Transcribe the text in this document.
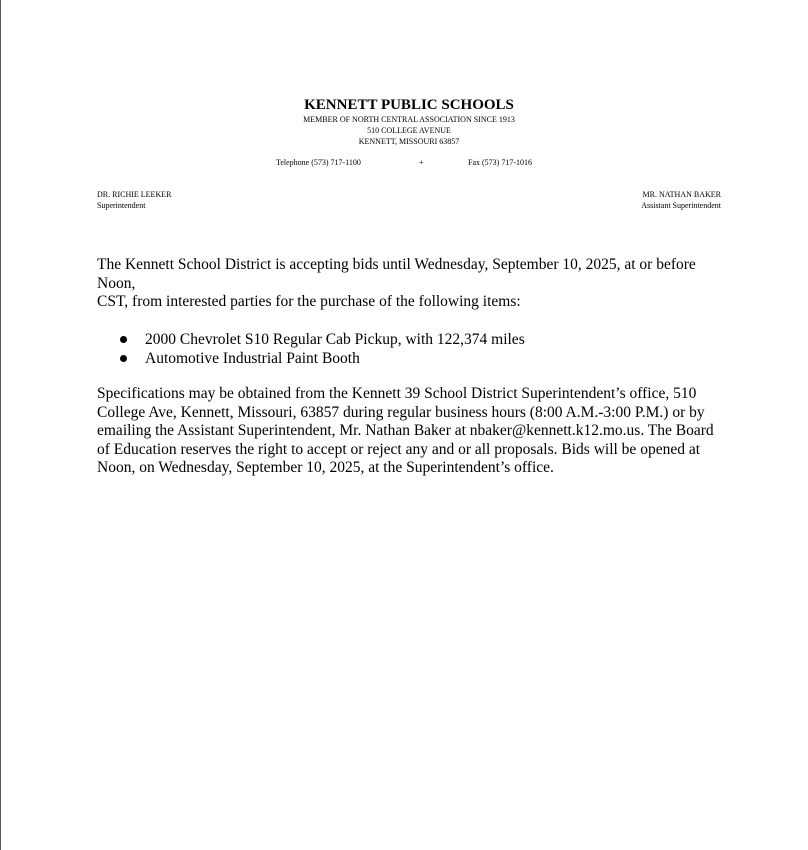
KENNETT PUBLIC SCHOOLS
MEMBER OF NORTH CENTRAL ASSOCIATION SINCE 1913
510 COLLEGE AVENUE
KENNETT, MISSOURI 63857
Telephone (573) 717-1100	+	Fax (573) 717-1016
DR. RICHIE LEEKER
Superintendent
MR. NATHAN BAKER
Assistant Superintendent
The Kennett School District is accepting bids until Wednesday, September 10, 2025, at or before
Noon,
CST, from interested parties for the purchase of the following items:
2000 Chevrolet S10 Regular Cab Pickup, with 122,374 miles
Automotive Industrial Paint Booth

Specifications may be obtained from the Kennett 39 School District Superintendent’s office, 510 College Ave, Kennett, Missouri, 63857 during regular business hours (8:00 A.M.-3:00 P.M.) or by emailing the Assistant Superintendent, Mr. Nathan Baker at nbaker@kennett.k12.mo.us. The Board of Education reserves the right to accept or reject any and or all proposals. Bids will be opened at Noon, on Wednesday, September 10, 2025, at the Superintendent’s office.
